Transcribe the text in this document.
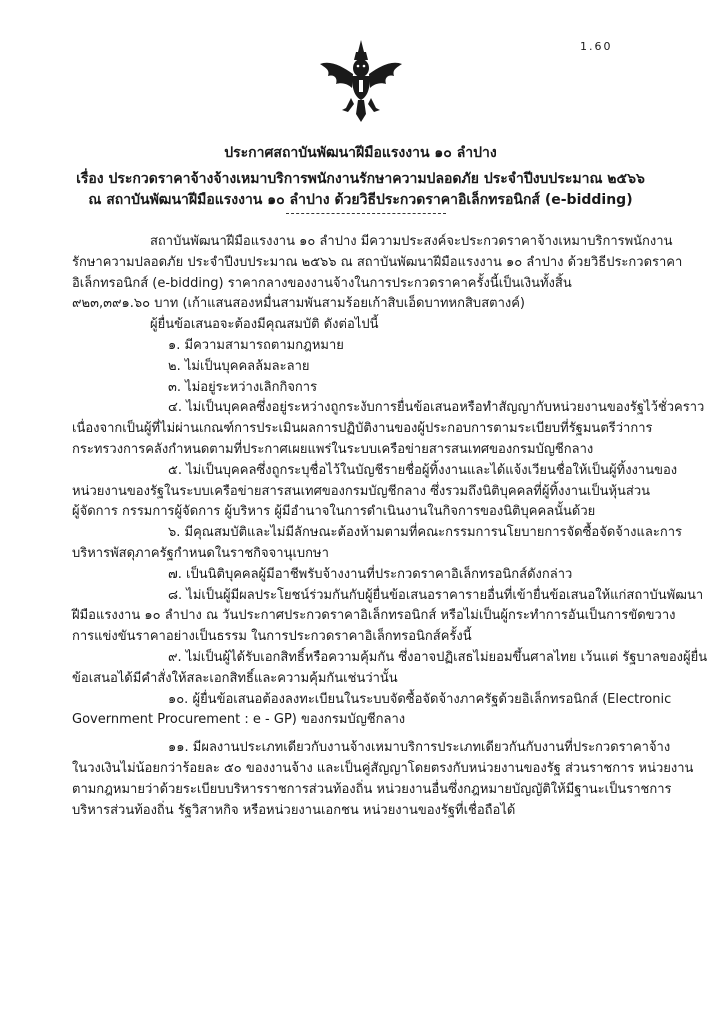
1.60
ประกาศสถาบันพัฒนาฝีมือแรงงาน ๑๐ ลำปาง
เรื่อง ประกวดราคาจ้างจ้างเหมาบริการพนักงานรักษาความปลอดภัย ประจำปีงบประมาณ ๒๕๖๖
ณ สถาบันพัฒนาฝีมือแรงงาน ๑๐ ลำปาง ด้วยวิธีประกวดราคาอิเล็กทรอนิกส์ (e-bidding)

สถาบันพัฒนาฝีมือแรงงาน ๑๐ ลำปาง มีความประสงค์จะประกวดราคาจ้างเหมาบริการพนักงาน

รักษาความปลอดภัย ประจำปีงบประมาณ ๒๕๖๖ ณ สถาบันพัฒนาฝีมือแรงงาน ๑๐ ลำปาง ด้วยวิธีประกวดราคา

อิเล็กทรอนิกส์ (e-bidding) ราคากลางของงานจ้างในการประกวดราคาครั้งนี้เป็นเงินทั้งสิ้น

๙๒๓,๓๙๑.๖๐ บาท (เก้าแสนสองหมื่นสามพันสามร้อยเก้าสิบเอ็ดบาทหกสิบสตางค์)

ผู้ยื่นข้อเสนอจะต้องมีคุณสมบัติ ดังต่อไปนี้

๑. มีความสามารถตามกฎหมาย

๒. ไม่เป็นบุคคลล้มละลาย

๓. ไม่อยู่ระหว่างเลิกกิจการ

๔. ไม่เป็นบุคคลซึ่งอยู่ระหว่างถูกระงับการยื่นข้อเสนอหรือทำสัญญากับหน่วยงานของรัฐไว้ชั่วคราว

เนื่องจากเป็นผู้ที่ไม่ผ่านเกณฑ์การประเมินผลการปฏิบัติงานของผู้ประกอบการตามระเบียบที่รัฐมนตรีว่าการ

กระทรวงการคลังกำหนดตามที่ประกาศเผยแพร่ในระบบเครือข่ายสารสนเทศของกรมบัญชีกลาง

๕. ไม่เป็นบุคคลซึ่งถูกระบุชื่อไว้ในบัญชีรายชื่อผู้ทิ้งงานและได้แจ้งเวียนชื่อให้เป็นผู้ทิ้งงานของ

หน่วยงานของรัฐในระบบเครือข่ายสารสนเทศของกรมบัญชีกลาง ซึ่งรวมถึงนิติบุคคลที่ผู้ทิ้งงานเป็นหุ้นส่วน

ผู้จัดการ กรรมการผู้จัดการ ผู้บริหาร ผู้มีอำนาจในการดำเนินงานในกิจการของนิติบุคคลนั้นด้วย

๖. มีคุณสมบัติและไม่มีลักษณะต้องห้ามตามที่คณะกรรมการนโยบายการจัดซื้อจัดจ้างและการ

บริหารพัสดุภาครัฐกำหนดในราชกิจจานุเบกษา

๗. เป็นนิติบุคคลผู้มีอาชีพรับจ้างงานที่ประกวดราคาอิเล็กทรอนิกส์ดังกล่าว

๘. ไม่เป็นผู้มีผลประโยชน์ร่วมกันกับผู้ยื่นข้อเสนอราคารายอื่นที่เข้ายื่นข้อเสนอให้แก่สถาบันพัฒนา

ฝีมือแรงงาน ๑๐ ลำปาง ณ วันประกาศประกวดราคาอิเล็กทรอนิกส์ หรือไม่เป็นผู้กระทำการอันเป็นการขัดขวาง

การแข่งขันราคาอย่างเป็นธรรม ในการประกวดราคาอิเล็กทรอนิกส์ครั้งนี้

๙. ไม่เป็นผู้ได้รับเอกสิทธิ์หรือความคุ้มกัน ซึ่งอาจปฏิเสธไม่ยอมขึ้นศาลไทย เว้นแต่ รัฐบาลของผู้ยื่น

ข้อเสนอได้มีคำสั่งให้สละเอกสิทธิ์และความคุ้มกันเช่นว่านั้น

๑๐. ผู้ยื่นข้อเสนอต้องลงทะเบียนในระบบจัดซื้อจัดจ้างภาครัฐด้วยอิเล็กทรอนิกส์ (Electronic

Government Procurement : e - GP) ของกรมบัญชีกลาง

๑๑. มีผลงานประเภทเดียวกับงานจ้างเหมาบริการประเภทเดียวกันกับงานที่ประกวดราคาจ้าง

ในวงเงินไม่น้อยกว่าร้อยละ ๕๐ ของงานจ้าง และเป็นคู่สัญญาโดยตรงกับหน่วยงานของรัฐ ส่วนราชการ หน่วยงาน

ตามกฎหมายว่าด้วยระเบียบบริหารราชการส่วนท้องถิ่น หน่วยงานอื่นซึ่งกฎหมายบัญญัติให้มีฐานะเป็นราชการ

บริหารส่วนท้องถิ่น รัฐวิสาหกิจ หรือหน่วยงานเอกชน หน่วยงานของรัฐที่เชื่อถือได้
